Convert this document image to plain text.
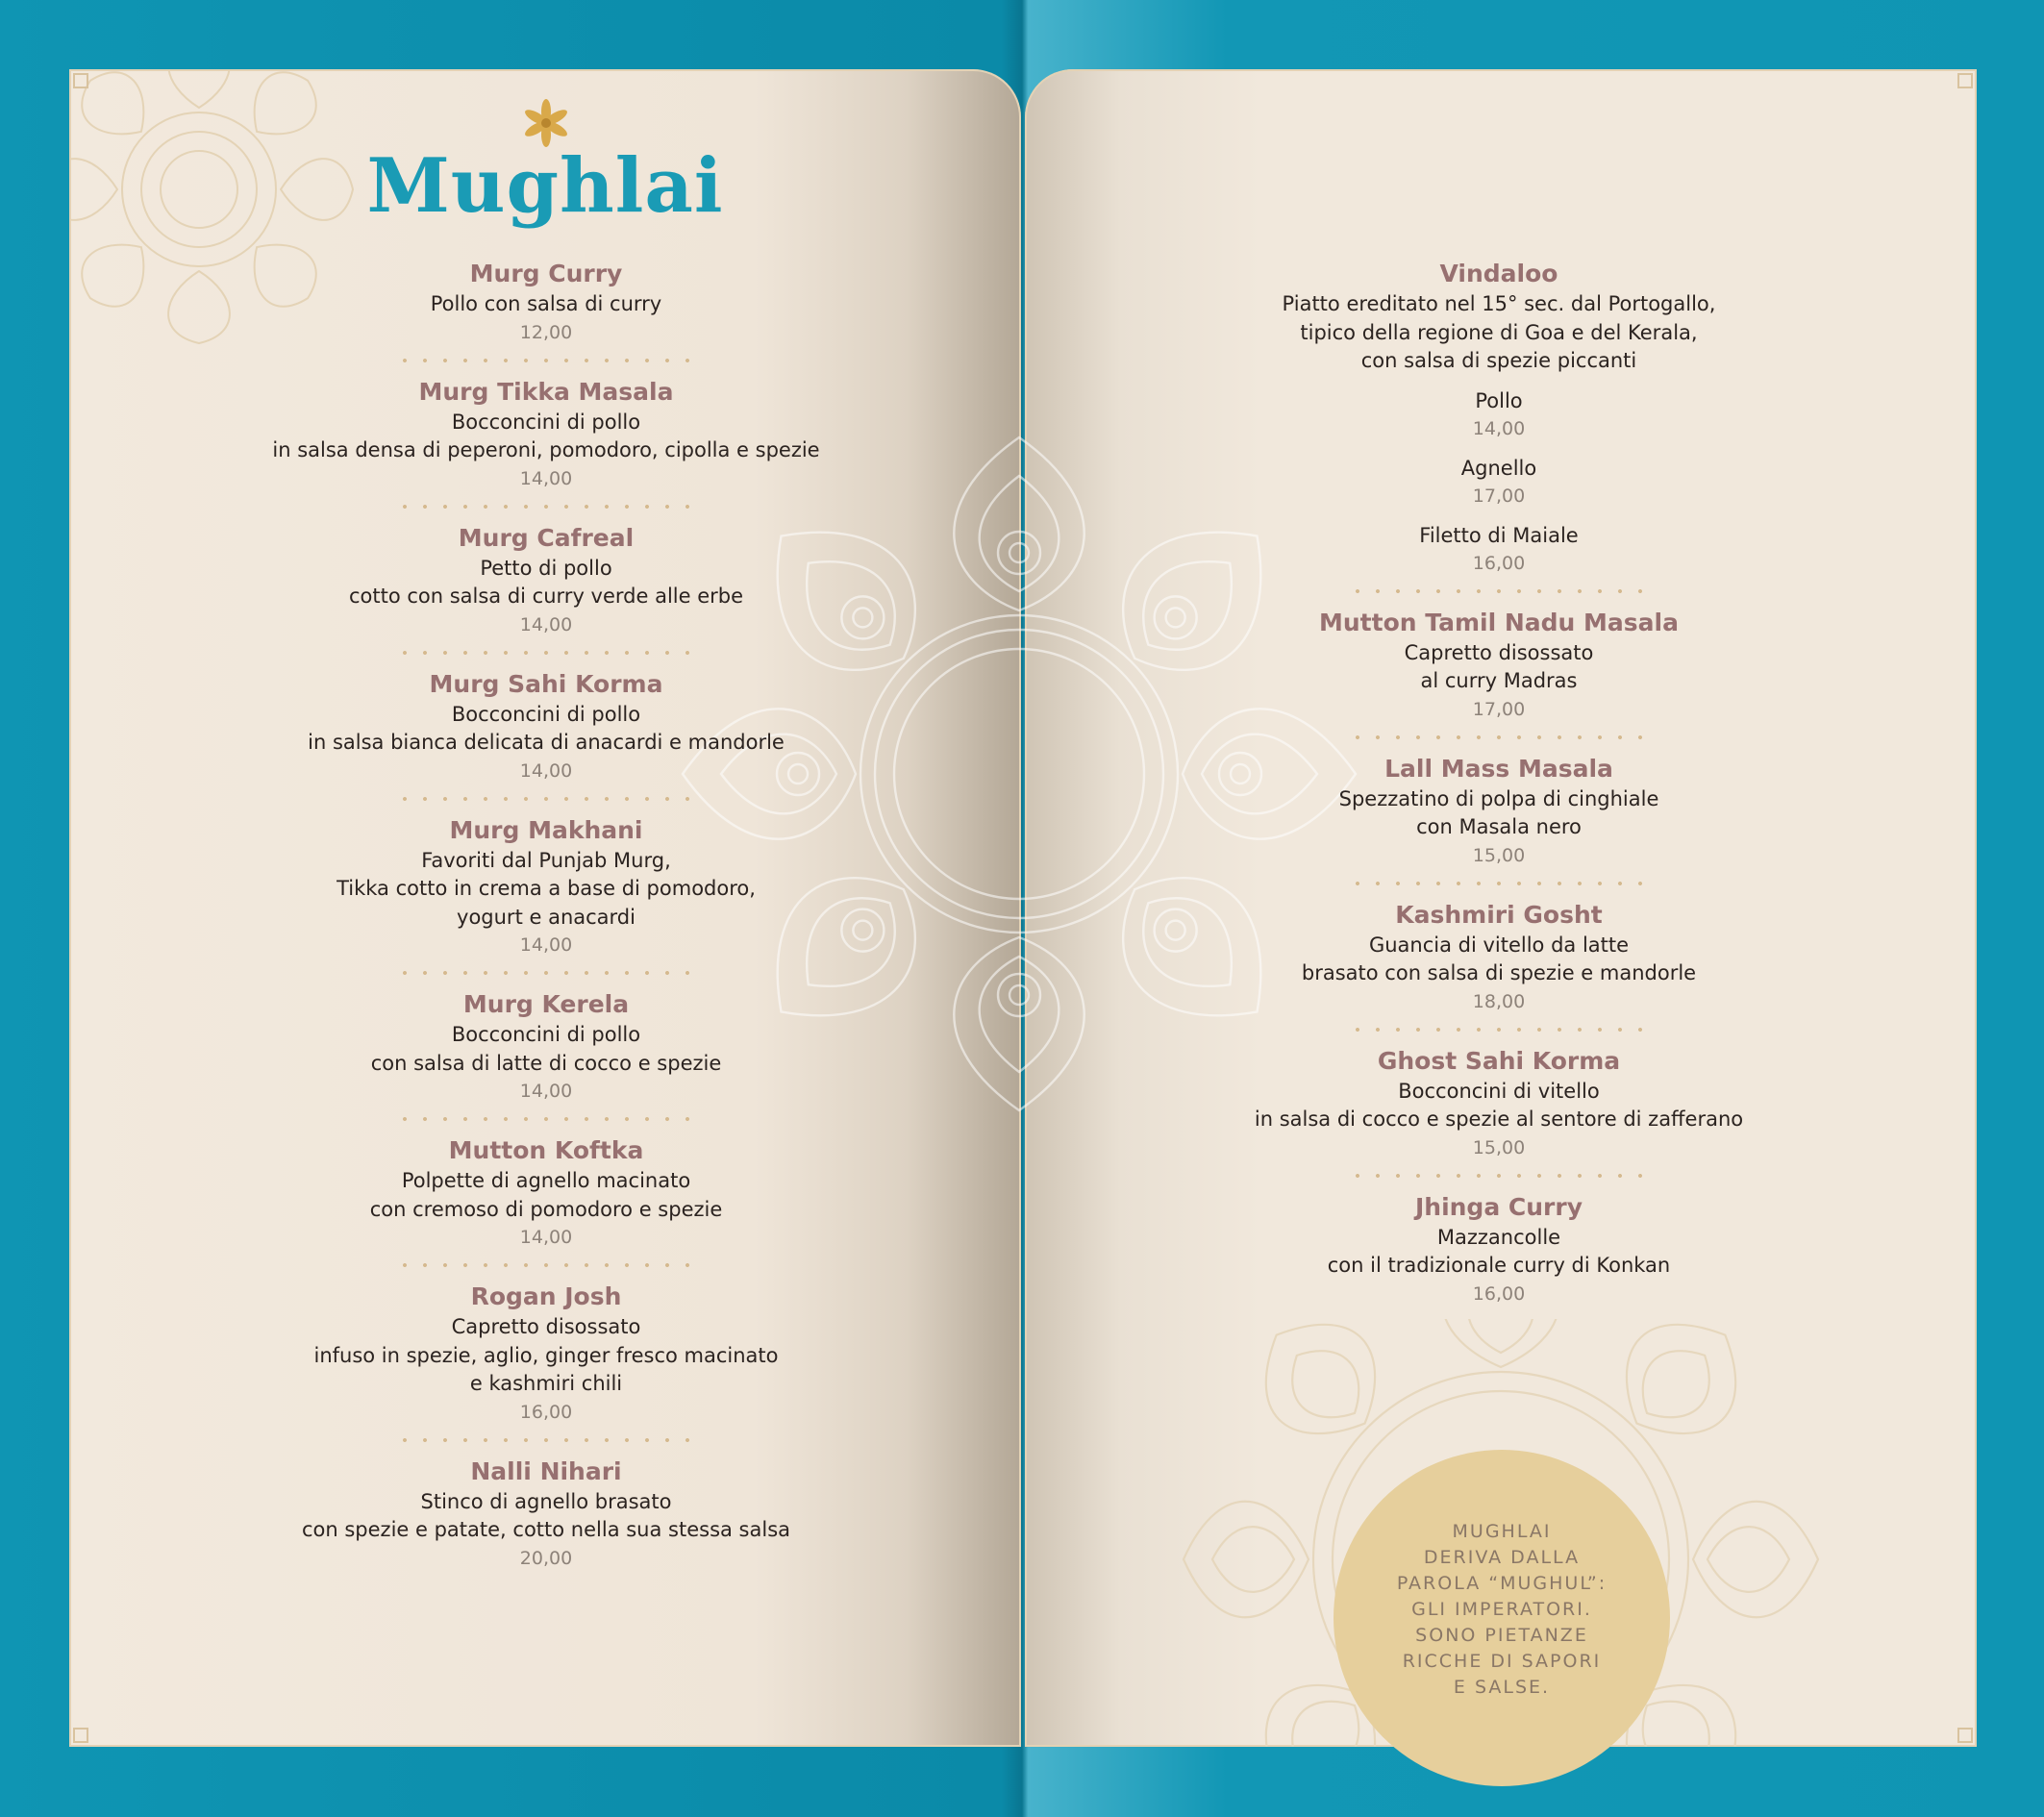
Mughlai
Murg Curry
Pollo con salsa di curry
12,00
Murg Tikka Masala
Bocconcini di pollo
in salsa densa di peperoni, pomodoro, cipolla e spezie
14,00
Murg Cafreal
Petto di pollo
cotto con salsa di curry verde alle erbe
14,00
Murg Sahi Korma
Bocconcini di pollo
in salsa bianca delicata di anacardi e mandorle
14,00
Murg Makhani
Favoriti dal Punjab Murg,
Tikka cotto in crema a base di pomodoro,
yogurt e anacardi
14,00
Murg Kerela
Bocconcini di pollo
con salsa di latte di cocco e spezie
14,00
Mutton Koftka
Polpette di agnello macinato
con cremoso di pomodoro e spezie
14,00
Rogan Josh
Capretto disossato
infuso in spezie, aglio, ginger fresco macinato
e kashmiri chili
16,00
Nalli Nihari
Stinco di agnello brasato
con spezie e patate, cotto nella sua stessa salsa
20,00
Vindaloo
Piatto ereditato nel 15° sec. dal Portogallo,
tipico della regione di Goa e del Kerala,
con salsa di spezie piccanti
Pollo
14,00
Agnello
17,00
Filetto di Maiale
16,00
Mutton Tamil Nadu Masala
Capretto disossato
al curry Madras
17,00
Lall Mass Masala
Spezzatino di polpa di cinghiale
con Masala nero
15,00
Kashmiri Gosht
Guancia di vitello da latte
brasato con salsa di spezie e mandorle
18,00
Ghost Sahi Korma
Bocconcini di vitello
in salsa di cocco e spezie al sentore di zafferano
15,00
Jhinga Curry
Mazzancolle
con il tradizionale curry di Konkan
16,00
MUGHLAI
DERIVA DALLA
PAROLA “MUGHUL”:
GLI IMPERATORI.
SONO PIETANZE
RICCHE DI SAPORI
E SALSE.
